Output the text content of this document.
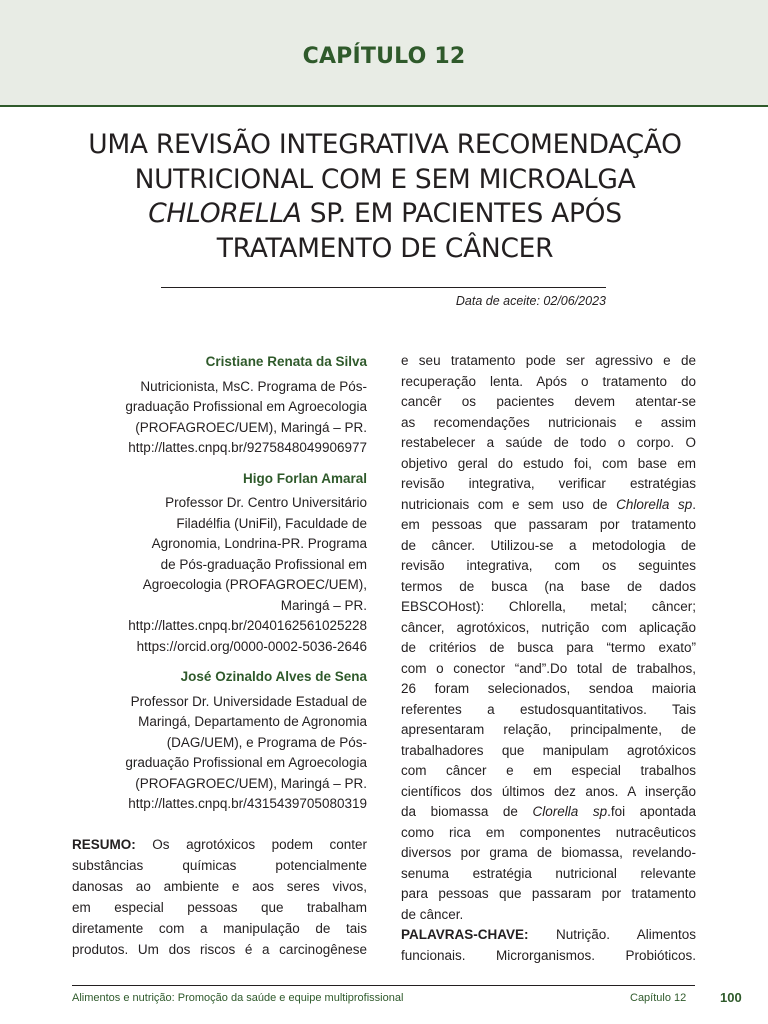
CAPÍTULO 12
UMA REVISÃO INTEGRATIVA RECOMENDAÇÃO
NUTRICIONAL COM E SEM MICROALGA
CHLORELLA SP. EM PACIENTES APÓS
TRATAMENTO DE CÂNCER
Data de aceite: 02/06/2023
Cristiane Renata da Silva
Nutricionista, MsC. Programa de Pós-
graduação Profissional em Agroecologia
(PROFAGROEC/UEM), Maringá – PR.
http://lattes.cnpq.br/9275848049906977
Higo Forlan Amaral
Professor Dr. Centro Universitário
Filadélfia (UniFil), Faculdade de
Agronomia, Londrina-PR. Programa
de Pós-graduação Profissional em
Agroecologia (PROFAGROEC/UEM),
Maringá – PR.
http://lattes.cnpq.br/2040162561025228
https://orcid.org/0000-0002-5036-2646
José Ozinaldo Alves de Sena
Professor Dr. Universidade Estadual de
Maringá, Departamento de Agronomia
(DAG/UEM), e Programa de Pós-
graduação Profissional em Agroecologia
(PROFAGROEC/UEM), Maringá – PR.
http://lattes.cnpq.br/4315439705080319
RESUMO: Os agrotóxicos podem conter
substâncias químicas potencialmente
danosas ao ambiente e aos seres vivos,
em especial pessoas que trabalham
diretamente com a manipulação de tais
produtos. Um dos riscos é a carcinogênese
e seu tratamento pode ser agressivo e de
recuperação lenta. Após o tratamento do
cancêr os pacientes devem atentar-se
as recomendações nutricionais e assim
restabelecer a saúde de todo o corpo. O
objetivo geral do estudo foi, com base em
revisão integrativa, verificar estratégias
nutricionais com e sem uso de Chlorella sp.
em pessoas que passaram por tratamento
de câncer. Utilizou-se a metodologia de
revisão integrativa, com os seguintes
termos de busca (na base de dados
EBSCOHost): Chlorella, metal; câncer;
câncer, agrotóxicos, nutrição com aplicação
de critérios de busca para “termo exato”
com o conector “and”.Do total de trabalhos,
26 foram selecionados, sendoa maioria
referentes a estudosquantitativos. Tais
apresentaram relação, principalmente, de
trabalhadores que manipulam agrotóxicos
com câncer e em especial trabalhos
científicos dos últimos dez anos. A inserção
da biomassa de Clorella sp.foi apontada
como rica em componentes nutracêuticos
diversos por grama de biomassa, revelando-
senuma estratégia nutricional relevante
para pessoas que passaram por tratamento
de câncer.
PALAVRAS-CHAVE: Nutrição. Alimentos
funcionais. Microrganismos. Probióticos.
Alimentos e nutrição: Promoção da saúde e equipe multiprofissional	Capítulo 12	100
